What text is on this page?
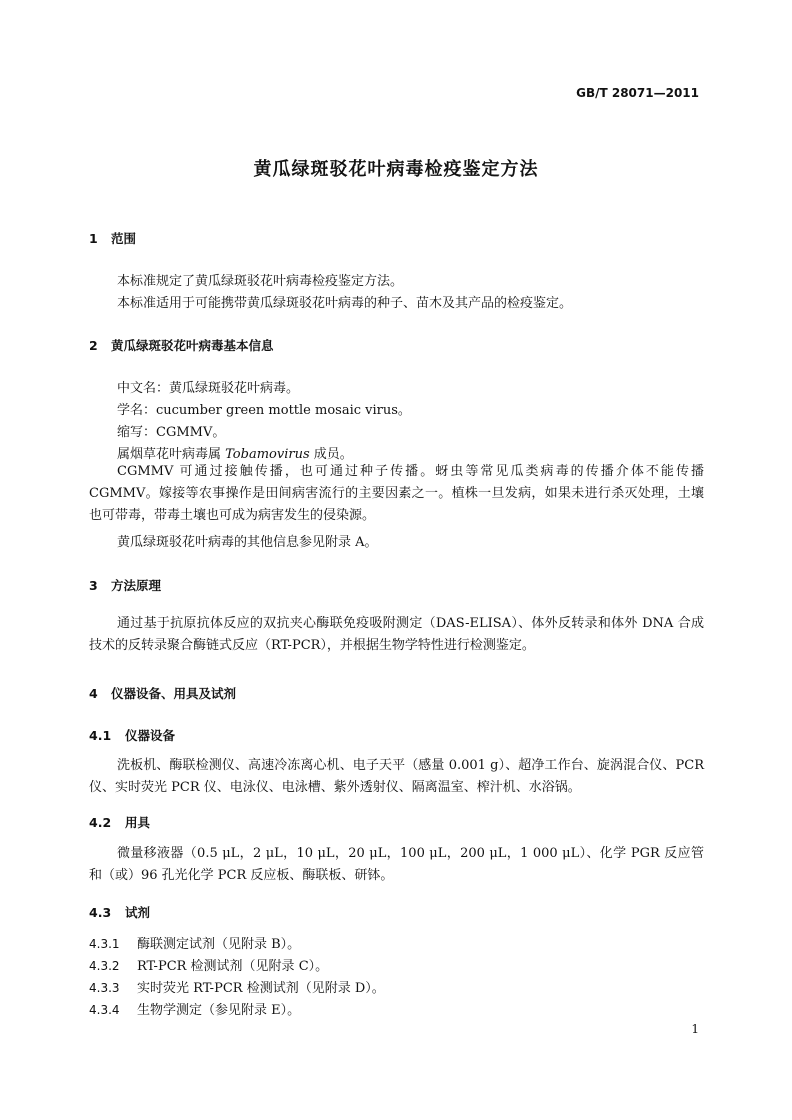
GB/T 28071—2011
黄瓜绿斑驳花叶病毒检疫鉴定方法
1 范围
本标准规定了黄瓜绿斑驳花叶病毒检疫鉴定方法。
本标准适用于可能携带黄瓜绿斑驳花叶病毒的种子、苗木及其产品的检疫鉴定。
2 黄瓜绿斑驳花叶病毒基本信息
中文名：黄瓜绿斑驳花叶病毒。
学名：cucumber green mottle mosaic virus。
缩写：CGMMV。
属烟草花叶病毒属 Tobamovirus 成员。
CGMMV 可通过接触传播，也可通过种子传播。蚜虫等常见瓜类病毒的传播介体不能传播 CGMMV。嫁接等农事操作是田间病害流行的主要因素之一。植株一旦发病，如果未进行杀灭处理，土壤也可带毒，带毒土壤也可成为病害发生的侵染源。
黄瓜绿斑驳花叶病毒的其他信息参见附录 A。
3 方法原理
通过基于抗原抗体反应的双抗夹心酶联免疫吸附测定（DAS-ELISA）、体外反转录和体外 DNA 合成技术的反转录聚合酶链式反应（RT-PCR），并根据生物学特性进行检测鉴定。
4 仪器设备、用具及试剂
4.1 仪器设备
洗板机、酶联检测仪、高速冷冻离心机、电子天平（感量 0.001 g）、超净工作台、旋涡混合仪、PCR 仪、实时荧光 PCR 仪、电泳仪、电泳槽、紫外透射仪、隔离温室、榨汁机、水浴锅。
4.2 用具
微量移液器（0.5 μL，2 μL，10 μL，20 μL，100 μL，200 μL，1 000 μL）、化学 PGR 反应管和（或）96 孔光化学 PCR 反应板、酶联板、研钵。
4.3 试剂
4.3.1 酶联测定试剂（见附录 B）。
4.3.2 RT-PCR 检测试剂（见附录 C）。
4.3.3 实时荧光 RT-PCR 检测试剂（见附录 D）。
4.3.4 生物学测定（参见附录 E）。
1
